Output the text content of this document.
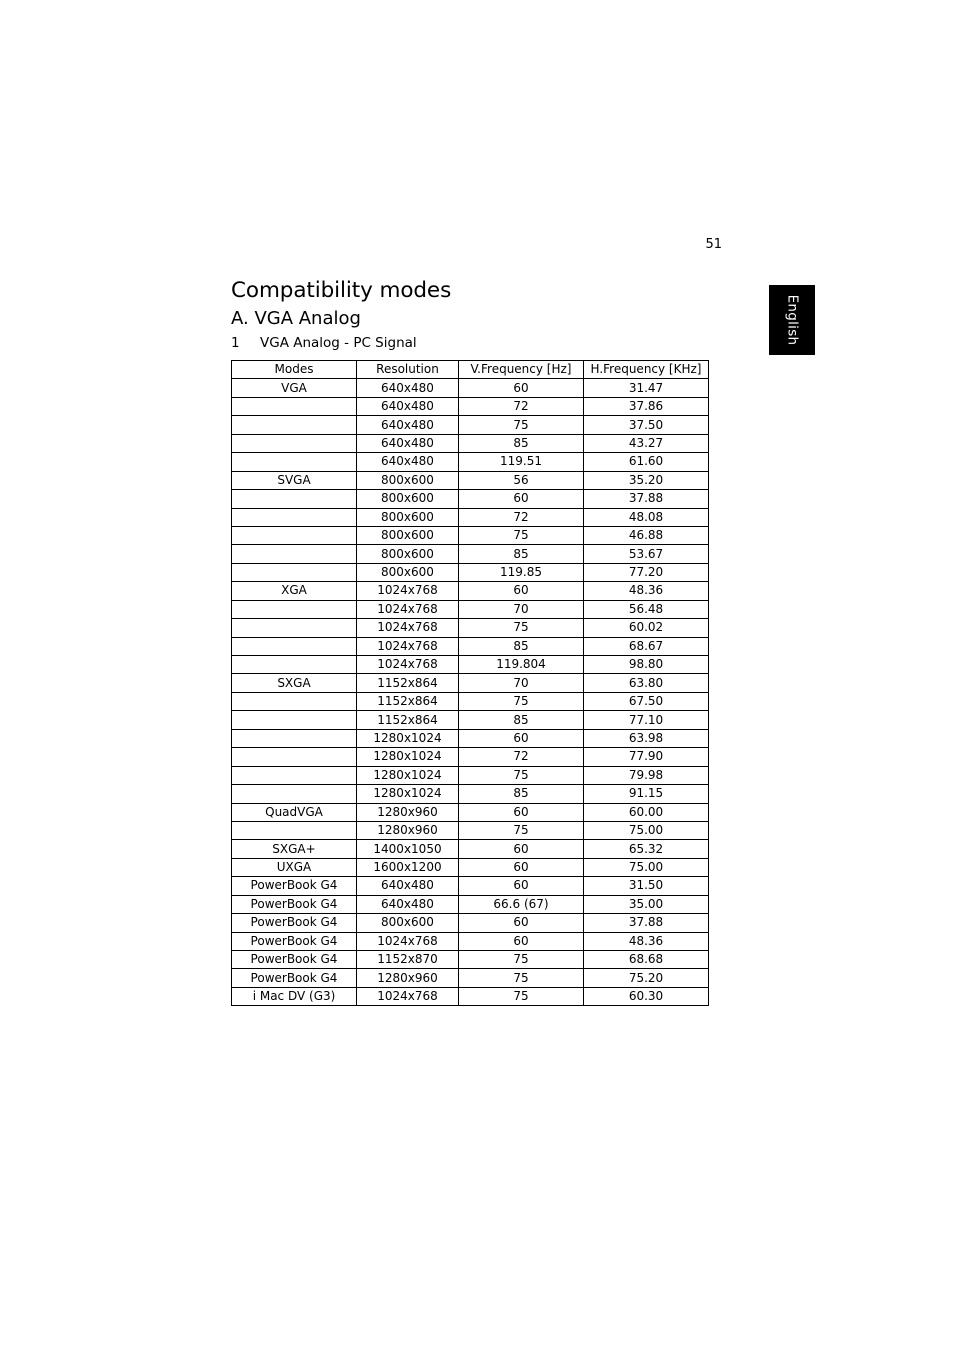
51
English
Compatibility modes
A. VGA Analog
1 VGA Analog - PC Signal
Modes	Resolution	V.Frequency [Hz]	H.Frequency [KHz]
VGA	640x480	60	31.47
	640x480	72	37.86
	640x480	75	37.50
	640x480	85	43.27
	640x480	119.51	61.60
SVGA	800x600	56	35.20
	800x600	60	37.88
	800x600	72	48.08
	800x600	75	46.88
	800x600	85	53.67
	800x600	119.85	77.20
XGA	1024x768	60	48.36
	1024x768	70	56.48
	1024x768	75	60.02
	1024x768	85	68.67
	1024x768	119.804	98.80
SXGA	1152x864	70	63.80
	1152x864	75	67.50
	1152x864	85	77.10
	1280x1024	60	63.98
	1280x1024	72	77.90
	1280x1024	75	79.98
	1280x1024	85	91.15
QuadVGA	1280x960	60	60.00
	1280x960	75	75.00
SXGA+	1400x1050	60	65.32
UXGA	1600x1200	60	75.00
PowerBook G4	640x480	60	31.50
PowerBook G4	640x480	66.6 (67)	35.00
PowerBook G4	800x600	60	37.88
PowerBook G4	1024x768	60	48.36
PowerBook G4	1152x870	75	68.68
PowerBook G4	1280x960	75	75.20
i Mac DV (G3)	1024x768	75	60.30
